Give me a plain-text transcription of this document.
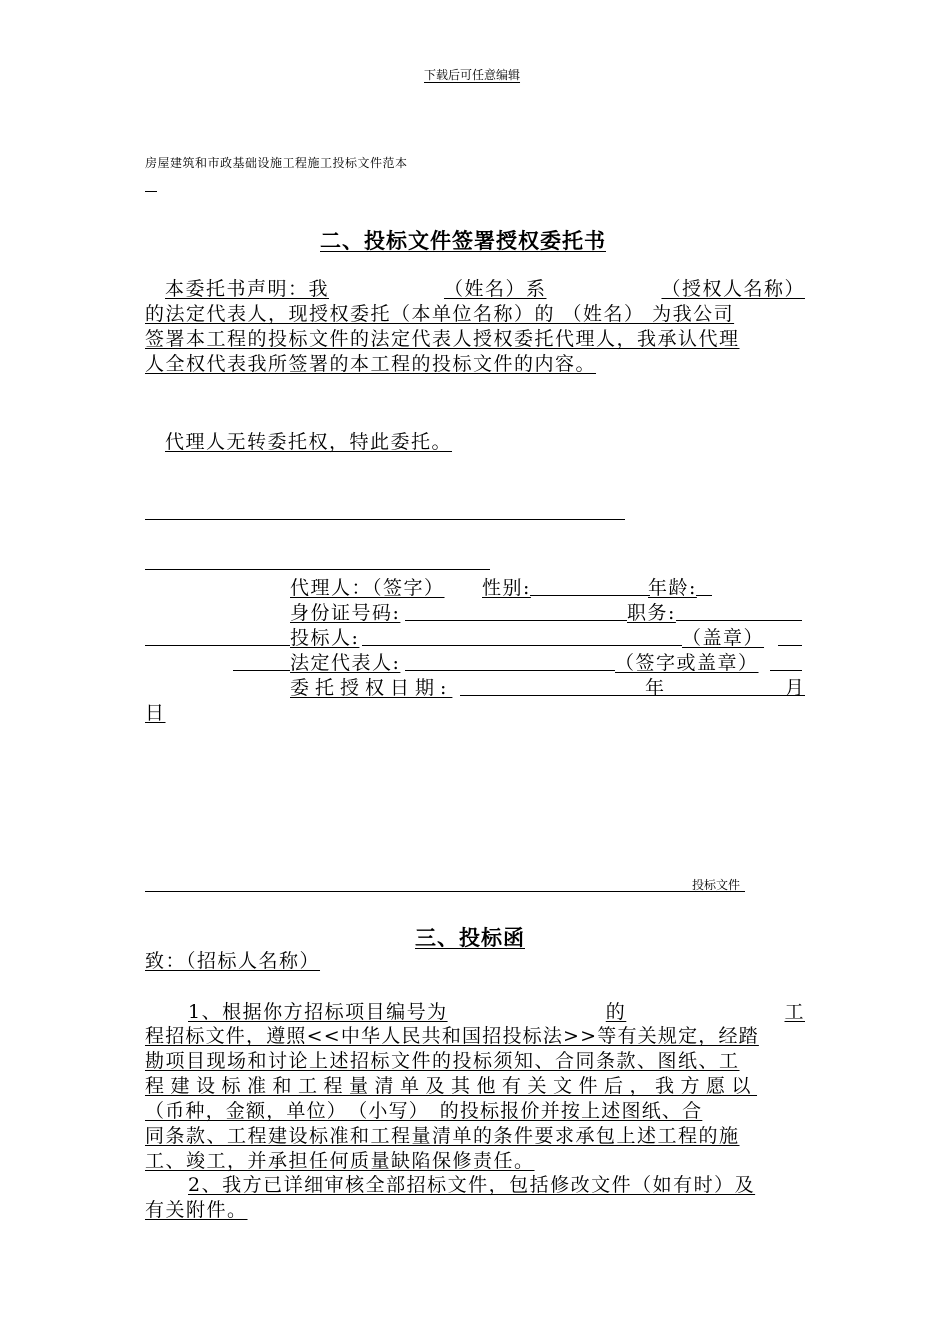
下载后可任意编辑
房屋建筑和市政基础设施工程施工投标文件范本
二、投标文件签署授权委托书
本委托书声明：我	（姓名）系	（授权人名称）
的法定代表人，现授权委托（本单位名称）的 （姓名） 为我公司
签署本工程的投标文件的法定代表人授权委托代理人，我承认代理
人全权代表我所签署的本工程的投标文件的内容。
代理人无转委托权，特此委托。
代理人：（签字） 性别:	年龄:
身份证号码:	职务:
投标人:	（盖章）
法定代表人:	（签字或盖章）
委托授权日期:	年	月
日
投标文件
三、投标函
致：（招标人名称）
1、根据你方招标项目编号为	的	工
程招标文件，遵照<<中华人民共和国招投标法>>等有关规定，经踏
勘项目现场和讨论上述招标文件的投标须知、合同条款、图纸、工
程建设标准和工程量清单及其他有关文件后，我方愿以
（币种，金额，单位）　（小写）　的投标报价并按上述图纸、合
同条款、工程建设标准和工程量清单的条件要求承包上述工程的施
工、竣工，并承担任何质量缺陷保修责任。
2、我方已详细审核全部招标文件，包括修改文件（如有时）及
有关附件。
